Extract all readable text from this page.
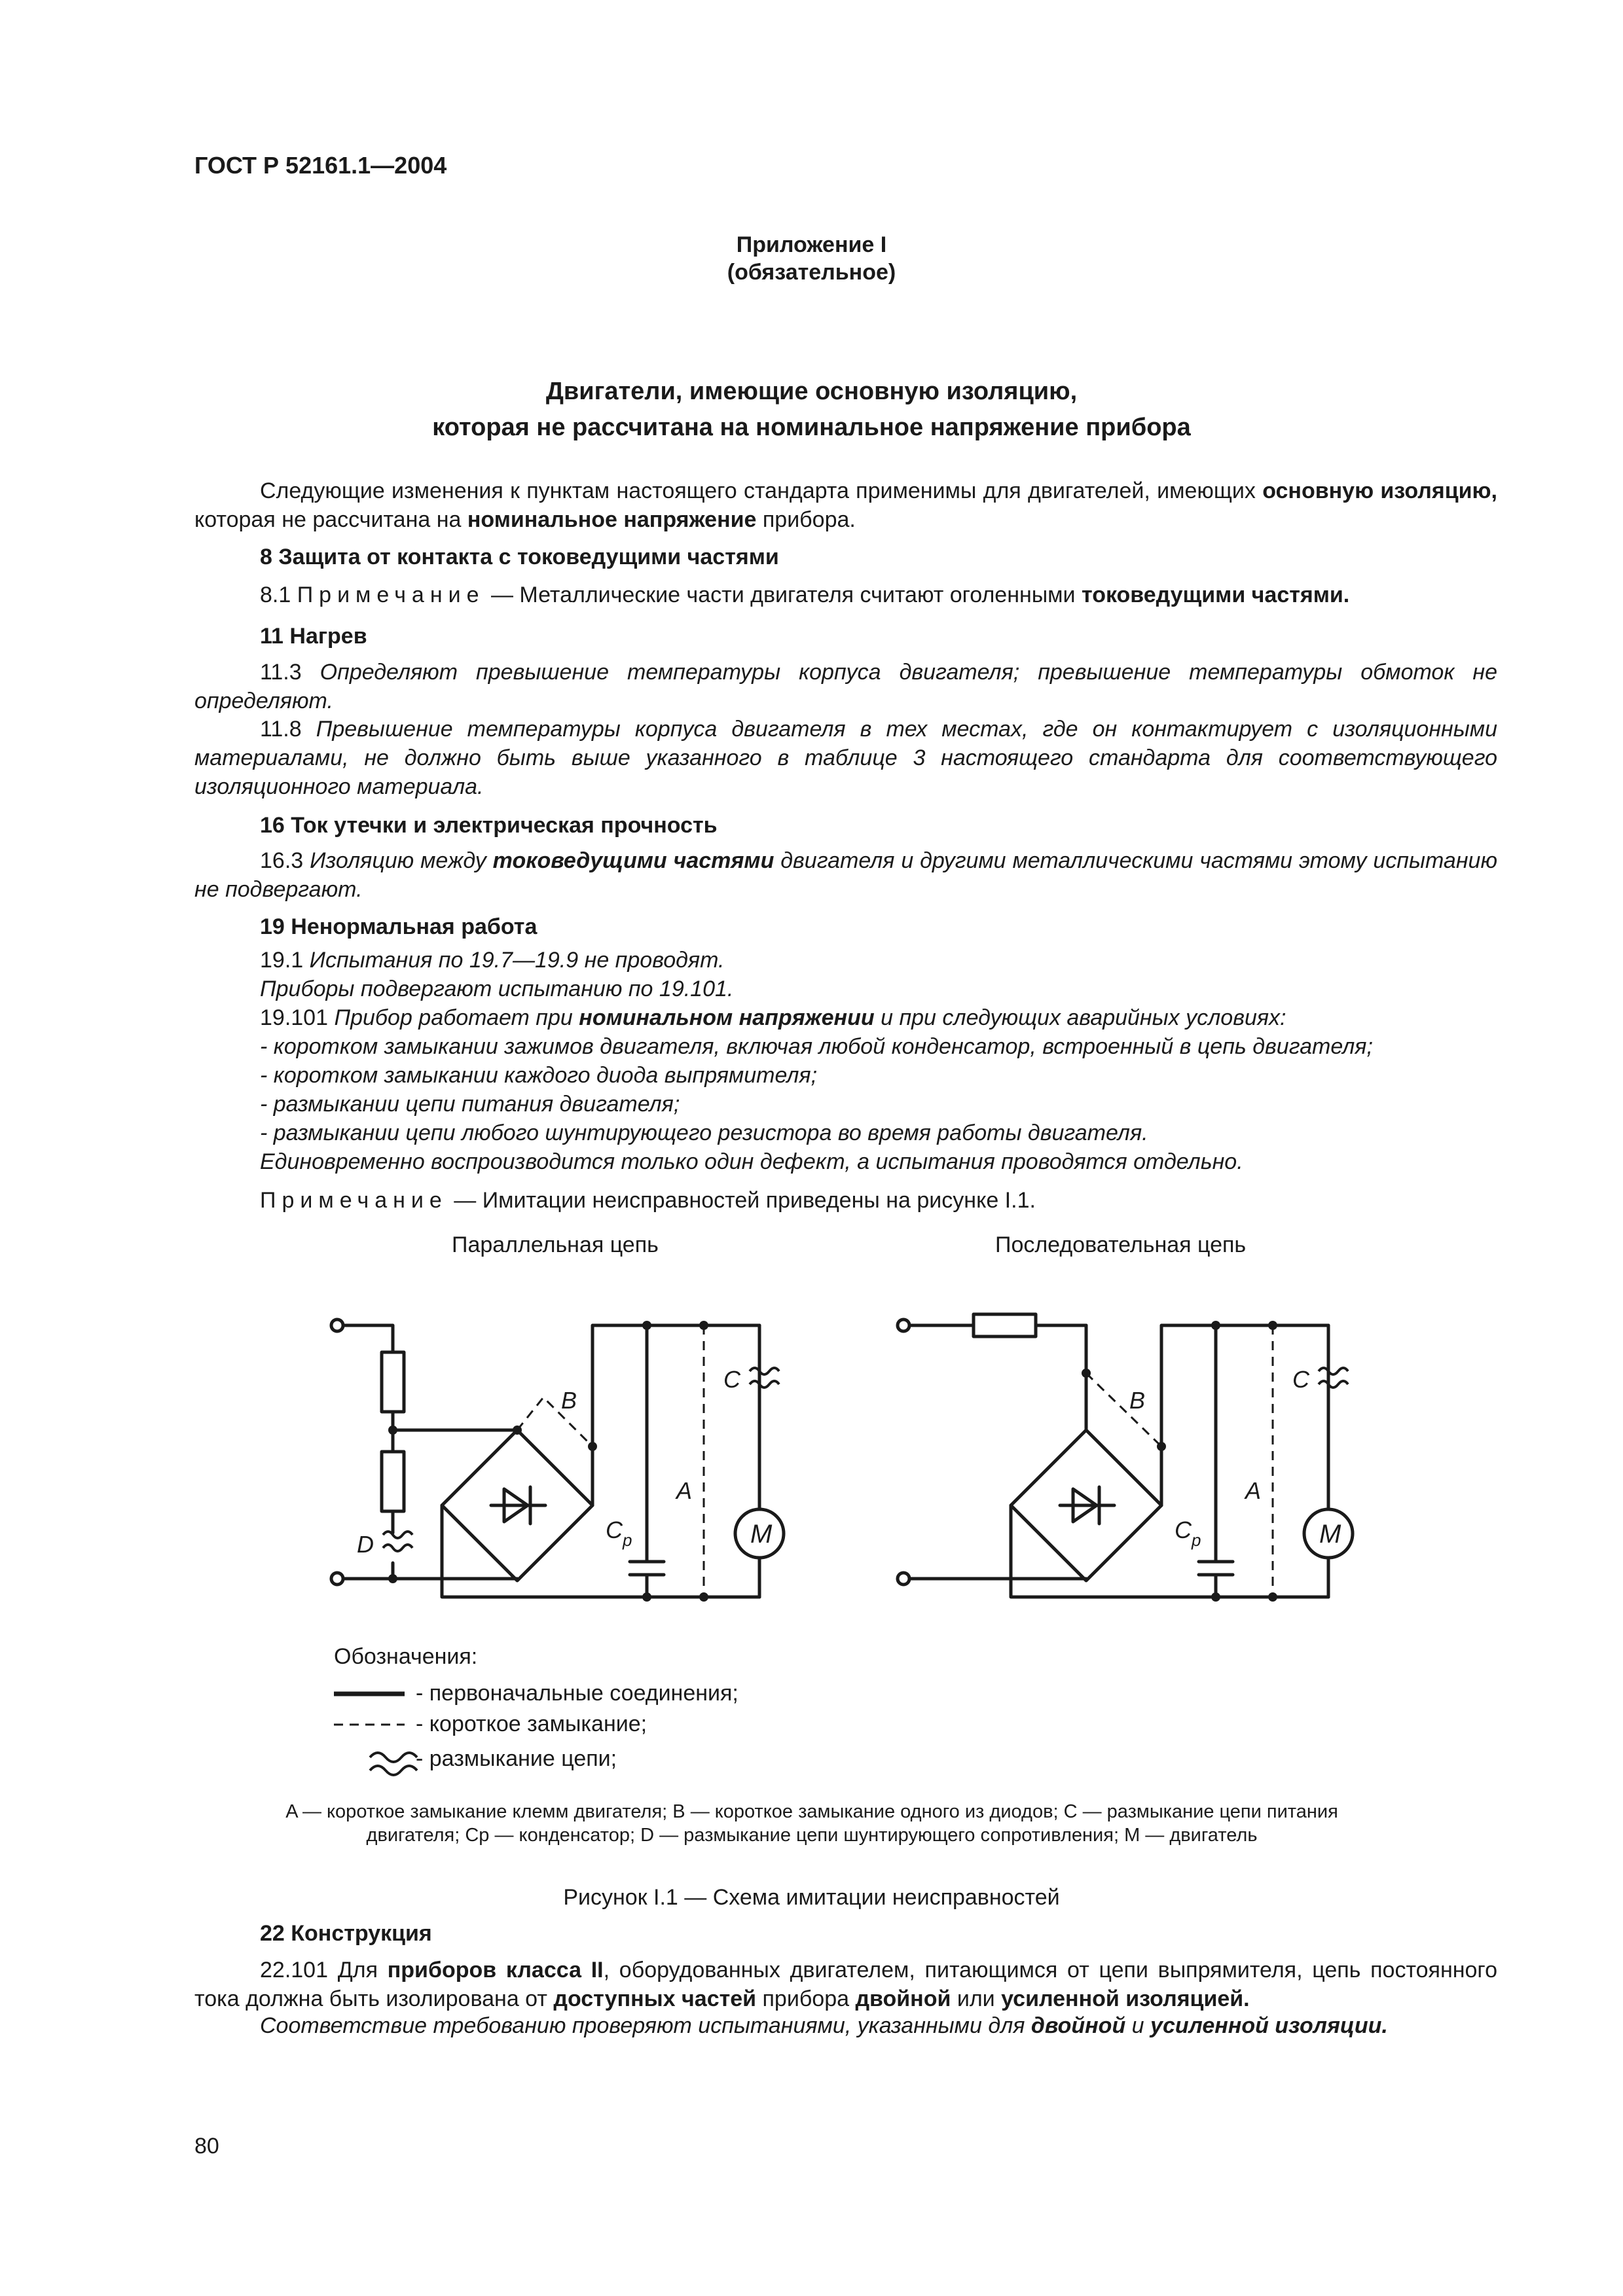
ГОСТ Р 52161.1—2004
Приложение I
(обязательное)
Двигатели, имеющие основную изоляцию,
которая не рассчитана на номинальное напряжение прибора
Следующие изменения к пунктам настоящего стандарта применимы для двигателей, имеющих основную изоляцию, которая не рассчитана на номинальное напряжение прибора.
8 Защита от контакта с токоведущими частями
8.1 Примечание — Металлические части двигателя считают оголенными токоведущими частями.
11 Нагрев
11.3 Определяют превышение температуры корпуса двигателя; превышение температуры обмоток не определяют.
11.8 Превышение температуры корпуса двигателя в тех местах, где он контактирует с изоляционными материалами, не должно быть выше указанного в таблице 3 настоящего стандарта для соответствующего изоляционного материала.
16 Ток утечки и электрическая прочность
16.3 Изоляцию между токоведущими частями двигателя и другими металлическими частями этому испытанию не подвергают.
19 Ненормальная работа
19.1 Испытания по 19.7—19.9 не проводят.
Приборы подвергают испытанию по 19.101.
19.101 Прибор работает при номинальном напряжении и при следующих аварийных условиях:
- коротком замыкании зажимов двигателя, включая любой конденсатор, встроенный в цепь двигателя;
- коротком замыкании каждого диода выпрямителя;
- размыкании цепи питания двигателя;
- размыкании цепи любого шунтирующего резистора во время работы двигателя.
Единовременно воспроизводится только один дефект, а испытания проводятся отдельно.
Примечание — Имитации неисправностей приведены на рисунке I.1.
Параллельная цепь	Последовательная цепь
D
B
A
C
$C_p$
B
A
C
$C_p$
M	M
Обозначения:
- первоначальные соединения;
- короткое замыкание;
- размыкание цепи;
A — короткое замыкание клемм двигателя; B — короткое замыкание одного из диодов; C — размыкание цепи питания
двигателя; Cp — конденсатор; D — размыкание цепи шунтирующего сопротивления; M — двигатель
Рисунок I.1 — Схема имитации неисправностей
22 Конструкция
22.101 Для приборов класса II, оборудованных двигателем, питающимся от цепи выпрямителя, цепь постоянного тока должна быть изолирована от доступных частей прибора двойной или усиленной изоляцией.
Соответствие требованию проверяют испытаниями, указанными для двойной и усиленной изоляции.
80
